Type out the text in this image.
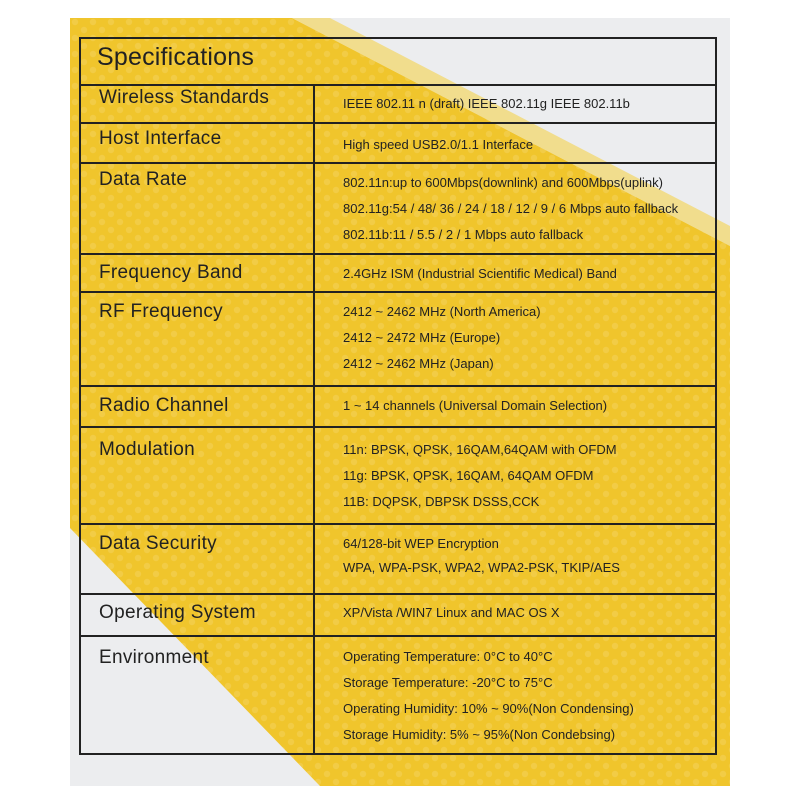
Specifications
Wireless Standards
Host Interface
Data Rate
Frequency Band
RF Frequency
Radio Channel
Modulation
Data Security
Operating System
Environment
IEEE 802.11 n (draft) IEEE 802.11g IEEE 802.11b
High speed USB2.0/1.1 Interface
802.11n:up to 600Mbps(downlink) and 600Mbps(uplink)
802.11g:54 / 48/ 36 / 24 / 18 / 12 / 9 / 6 Mbps auto fallback
802.11b:11 / 5.5 / 2 / 1 Mbps auto fallback
2.4GHz ISM (Industrial Scientific Medical) Band
2412 ~ 2462 MHz (North America)
2412 ~ 2472 MHz (Europe)
2412 ~ 2462 MHz (Japan)
1 ~ 14 channels (Universal Domain Selection)
11n: BPSK, QPSK, 16QAM,64QAM with OFDM
11g: BPSK, QPSK, 16QAM, 64QAM OFDM
11B: DQPSK, DBPSK DSSS,CCK
64/128-bit WEP Encryption
WPA, WPA-PSK, WPA2, WPA2-PSK, TKIP/AES
XP/Vista /WIN7 Linux and MAC OS X
Operating Temperature: 0°C to 40°C
Storage Temperature: -20°C to 75°C
Operating Humidity: 10% ~ 90%(Non Condensing)
Storage Humidity: 5% ~ 95%(Non Condebsing)
